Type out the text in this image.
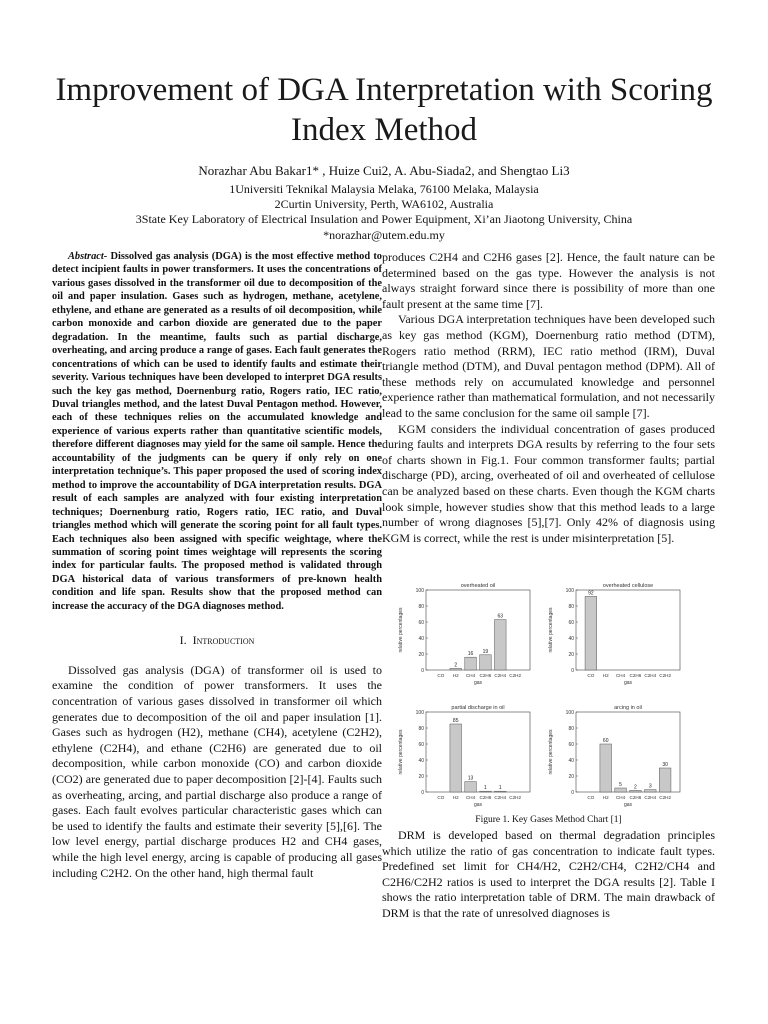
Improvement of DGA Interpretation with Scoring
Index Method
Norazhar Abu Bakar1* , Huize Cui2, A. Abu-Siada2, and Shengtao Li3
1Universiti Teknikal Malaysia Melaka, 76100 Melaka, Malaysia
2Curtin University, Perth, WA6102, Australia
3State Key Laboratory of Electrical Insulation and Power Equipment, Xi’an Jiaotong University, China
*norazhar@utem.edu.my

Abstract- Dissolved gas analysis (DGA) is the most effective method to detect incipient faults in power transformers. It uses the concentrations of various gases dissolved in the transformer oil due to decomposition of the oil and paper insulation. Gases such as hydrogen, methane, acetylene, ethylene, and ethane are generated as a results of oil decomposition, while carbon monoxide and carbon dioxide are generated due to the paper degradation. In the meantime, faults such as partial discharge, overheating, and arcing produce a range of gases. Each fault generates the concentrations of which can be used to identify faults and estimate their severity. Various techniques have been developed to interpret DGA results such the key gas method, Doernenburg ratio, Rogers ratio, IEC ratio, Duval triangles method, and the latest Duval Pentagon method. However, each of these techniques relies on the accumulated knowledge and experience of various experts rather than quantitative scientific models, therefore different diagnoses may yield for the same oil sample. Hence the accountability of the judgments can be query if only rely on one interpretation technique’s. This paper proposed the used of scoring index method to improve the accountability of DGA interpretation results. DGA result of each samples are analyzed with four existing interpretation techniques; Doernenburg ratio, Rogers ratio, IEC ratio, and Duval triangles method which will generate the scoring point for all fault types. Each techniques also been assigned with specific weightage, where the summation of scoring point times weightage will represents the scoring index for particular faults. The proposed method is validated through DGA historical data of various transformers of pre-known health condition and life span. Results show that the proposed method can increase the accuracy of the DGA diagnoses method.

I. Introduction

Dissolved gas analysis (DGA) of transformer oil is used to examine the condition of power transformers. It uses the concentration of various gases dissolved in transformer oil which generates due to decomposition of the oil and paper insulation [1]. Gases such as hydrogen (H2), methane (CH4), acetylene (C2H2), ethylene (C2H4), and ethane (C2H6) are generated due to oil decomposition, while carbon monoxide (CO) and carbon dioxide (CO2) are generated due to paper decomposition [2]-[4]. Faults such as overheating, arcing, and partial discharge also produce a range of gases. Each fault evolves particular characteristic gases which can be used to identify the faults and estimate their severity [5],[6]. The low level energy, partial discharge produces H2 and CH4 gases, while the high level energy, arcing is capable of producing all gases including C2H2. On the other hand, high thermal fault

produces C2H4 and C2H6 gases [2]. Hence, the fault nature can be determined based on the gas type. However the analysis is not always straight forward since there is possibility of more than one fault present at the same time [7].

Various DGA interpretation techniques have been developed such as key gas method (KGM), Doernenburg ratio method (DTM), Rogers ratio method (RRM), IEC ratio method (IRM), Duval triangle method (DTM), and Duval pentagon method (DPM). All of these methods rely on accumulated knowledge and personnel experience rather than mathematical formulation, and not necessarily lead to the same conclusion for the same oil sample [7].

KGM considers the individual concentration of gases produced during faults and interprets DGA results by referring to the four sets of charts shown in Fig.1. Four common transformer faults; partial discharge (PD), arcing, overheated of oil and overheated of cellulose can be analyzed based on these charts. Even though the KGM charts look simple, however studies show that this method leads to a large number of wrong diagnoses [5],[7]. Only 42% of diagnosis using KGM is correct, while the rest is under misinterpretation [5].

overheated oil
0
20
40
60
80
100
relative percentages
CO
2
H2
16
CH4
19
C2H6
63
C2H4 C2H2
gas
overheated cellulose
0
20
40
60
80
100
relative percentages
92
CO H2 CH4 C2H6 C2H4 C2H2
gas
partial discharge in oil
0
20
40
60
80
100
relative percentages
CO
85
H2
13
CH4
1
C2H6
1
C2H4 C2H2
gas
arcing in oil
0
20
40
60
80
100
relative percentages
CO
60
H2
5
CH4
2
C2H6
3
C2H4
30
C2H2
gas
Figure 1. Key Gases Method Chart [1]

DRM is developed based on thermal degradation principles which utilize the ratio of gas concentration to indicate fault types. Predefined set limit for CH4/H2, C2H2/CH4, C2H2/CH4 and C2H6/C2H2 ratios is used to interpret the DGA results [2]. Table I shows the ratio interpretation table of DRM. The main drawback of DRM is that the rate of unresolved diagnoses is
